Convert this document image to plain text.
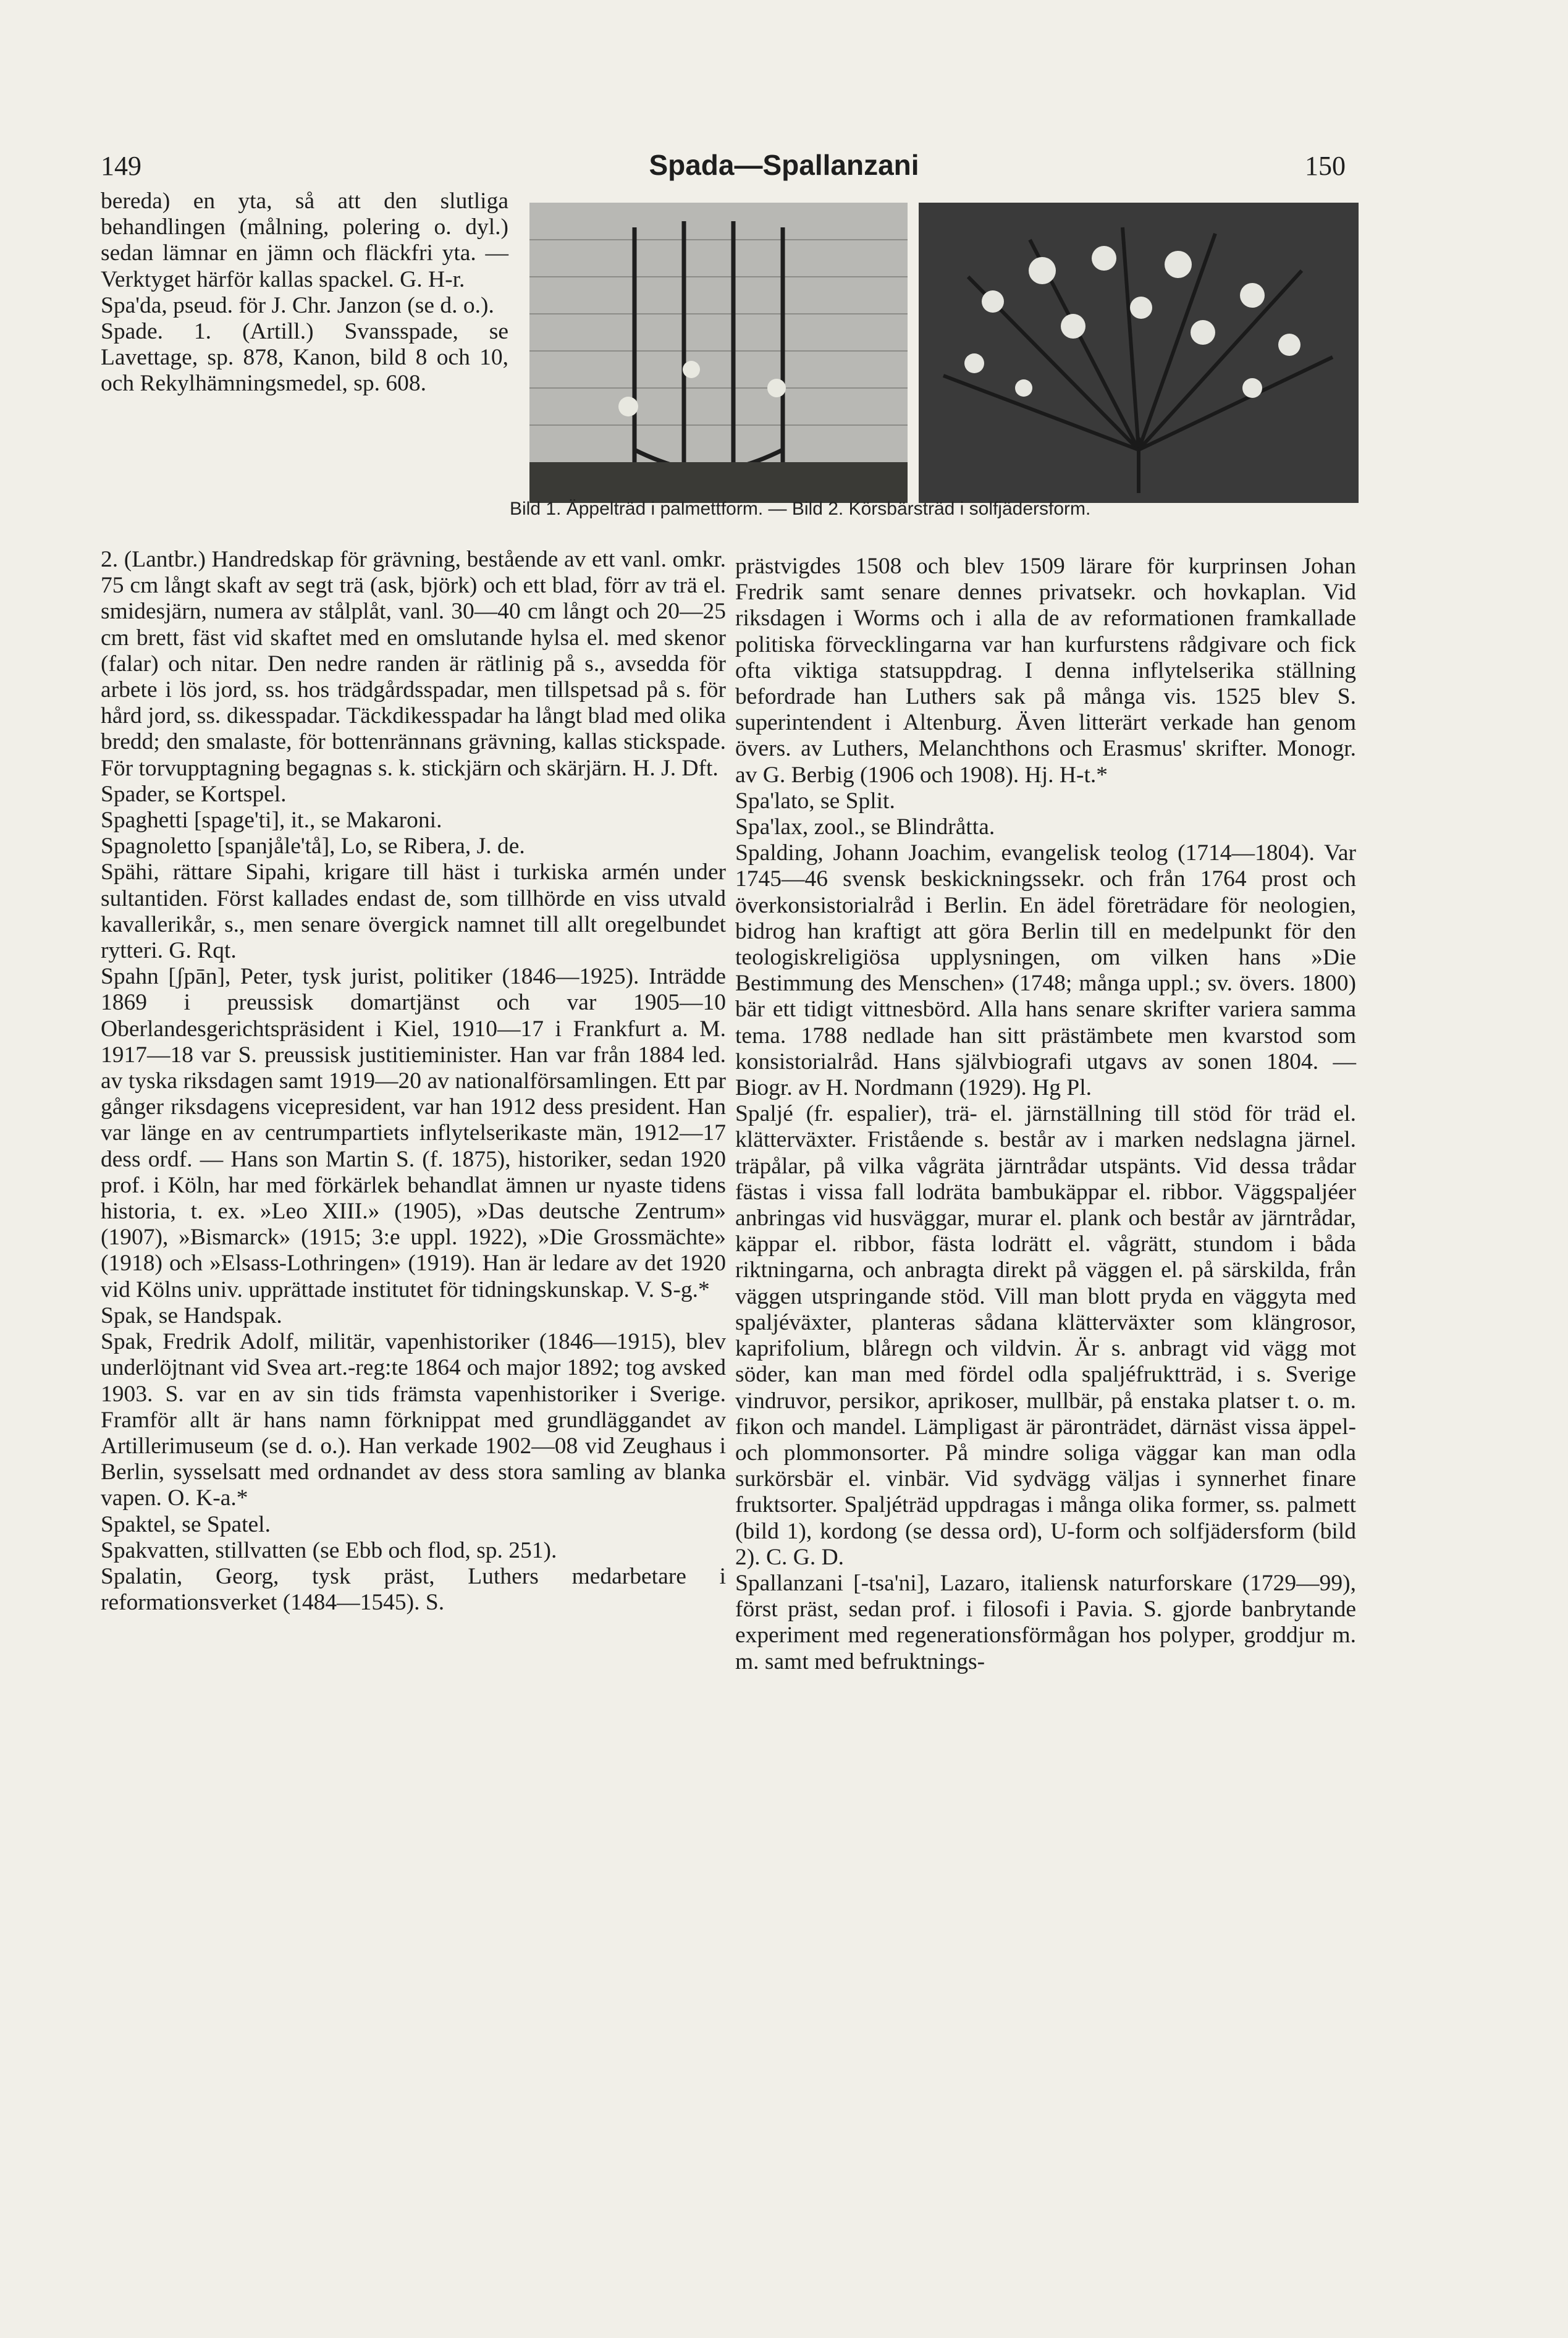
149	Spada—Spallanzani	150

bereda) en yta, så att den slutliga behandlingen (målning, polering o. dyl.) sedan lämnar en jämn och fläckfri yta. — Verktyget härför kallas spackel. G. H-r.

Spa'da, pseud. för J. Chr. Janzon (se d. o.).

Spade. 1. (Artill.) Svansspade, se Lavettage, sp. 878, Kanon, bild 8 och 10, och Rekylhämningsmedel, sp. 608.

Bild 1. Äppelträd i palmettform. — Bild 2. Körsbärsträd i solfjädersform.

2. (Lantbr.) Handredskap för grävning, bestående av ett vanl. omkr. 75 cm långt skaft av segt trä (ask, björk) och ett blad, förr av trä el. smidesjärn, numera av stålplåt, vanl. 30—40 cm långt och 20—25 cm brett, fäst vid skaftet med en omslutande hylsa el. med skenor (falar) och nitar. Den nedre randen är rätlinig på s., avsedda för arbete i lös jord, ss. hos trädgårdsspadar, men tillspetsad på s. för hård jord, ss. dikesspadar. Täckdikesspadar ha långt blad med olika bredd; den smalaste, för bottenrännans grävning, kallas stickspade. För torvupptagning begagnas s. k. stickjärn och skärjärn. H. J. Dft.

Spader, se Kortspel.

Spaghetti [spage'ti], it., se Makaroni.

Spagnoletto [spanjåle'tå], Lo, se Ribera, J. de.

Spähi, rättare Sipahi, krigare till häst i turkiska armén under sultantiden. Först kallades endast de, som tillhörde en viss utvald kavallerikår, s., men senare övergick namnet till allt oregelbundet rytteri. G. Rqt.

Spahn [ʃpān], Peter, tysk jurist, politiker (1846—1925). Inträdde 1869 i preussisk domartjänst och var 1905—10 Oberlandesgerichtspräsident i Kiel, 1910—17 i Frankfurt a. M. 1917—18 var S. preussisk justitieminister. Han var från 1884 led. av tyska riksdagen samt 1919—20 av nationalförsamlingen. Ett par gånger riksdagens vicepresident, var han 1912 dess president. Han var länge en av centrumpartiets inflytelserikaste män, 1912—17 dess ordf. — Hans son Martin S. (f. 1875), historiker, sedan 1920 prof. i Köln, har med förkärlek behandlat ämnen ur nyaste tidens historia, t. ex. »Leo XIII.» (1905), »Das deutsche Zentrum» (1907), »Bismarck» (1915; 3:e uppl. 1922), »Die Grossmächte» (1918) och »Elsass-Lothringen» (1919). Han är ledare av det 1920 vid Kölns univ. upprättade institutet för tidningskunskap. V. S-g.*

Spak, se Handspak.

Spak, Fredrik Adolf, militär, vapenhistoriker (1846—1915), blev underlöjtnant vid Svea art.-reg:te 1864 och major 1892; tog avsked 1903. S. var en av sin tids främsta vapenhistoriker i Sverige. Framför allt är hans namn förknippat med grundläggandet av Artillerimuseum (se d. o.). Han verkade 1902—08 vid Zeughaus i Berlin, sysselsatt med ordnandet av dess stora samling av blanka vapen. O. K-a.*

Spaktel, se Spatel.

Spakvatten, stillvatten (se Ebb och flod, sp. 251).

Spalatin, Georg, tysk präst, Luthers medarbetare i reformationsverket (1484—1545). S.

prästvigdes 1508 och blev 1509 lärare för kurprinsen Johan Fredrik samt senare dennes privatsekr. och hovkaplan. Vid riksdagen i Worms och i alla de av reformationen framkallade politiska förvecklingarna var han kurfurstens rådgivare och fick ofta viktiga statsuppdrag. I denna inflytelserika ställning befordrade han Luthers sak på många vis. 1525 blev S. superintendent i Altenburg. Även litterärt verkade han genom övers. av Luthers, Melanchthons och Erasmus' skrifter. Monogr. av G. Berbig (1906 och 1908). Hj. H-t.*

Spa'lato, se Split.

Spa'lax, zool., se Blindråtta.

Spalding, Johann Joachim, evangelisk teolog (1714—1804). Var 1745—46 svensk beskickningssekr. och från 1764 prost och överkonsistorialråd i Berlin. En ädel företrädare för neologien, bidrog han kraftigt att göra Berlin till en medelpunkt för den teologiskreligiösa upplysningen, om vilken hans »Die Bestimmung des Menschen» (1748; många uppl.; sv. övers. 1800) bär ett tidigt vittnesbörd. Alla hans senare skrifter variera samma tema. 1788 nedlade han sitt prästämbete men kvarstod som konsistorialråd. Hans självbiografi utgavs av sonen 1804. — Biogr. av H. Nordmann (1929). Hg Pl.

Spaljé (fr. espalier), trä- el. järnställning till stöd för träd el. klätterväxter. Fristående s. består av i marken nedslagna järnel. träpålar, på vilka vågräta järntrådar utspänts. Vid dessa trådar fästas i vissa fall lodräta bambukäppar el. ribbor. Väggspaljéer anbringas vid husväggar, murar el. plank och består av järntrådar, käppar el. ribbor, fästa lodrätt el. vågrätt, stundom i båda riktningarna, och anbragta direkt på väggen el. på särskilda, från väggen utspringande stöd. Vill man blott pryda en väggyta med spaljéväxter, planteras sådana klätterväxter som klängrosor, kaprifolium, blåregn och vildvin. Är s. anbragt vid vägg mot söder, kan man med fördel odla spaljéfruktträd, i s. Sverige vindruvor, persikor, aprikoser, mullbär, på enstaka platser t. o. m. fikon och mandel. Lämpligast är päronträdet, därnäst vissa äppel- och plommonsorter. På mindre soliga väggar kan man odla surkörsbär el. vinbär. Vid sydvägg väljas i synnerhet finare fruktsorter. Spaljéträd uppdragas i många olika former, ss. palmett (bild 1), kordong (se dessa ord), U-form och solfjädersform (bild 2). C. G. D.

Spallanzani [-tsa'ni], Lazaro, italiensk naturforskare (1729—99), först präst, sedan prof. i filosofi i Pavia. S. gjorde banbrytande experiment med regenerationsförmågan hos polyper, groddjur m. m. samt med befruktnings-
